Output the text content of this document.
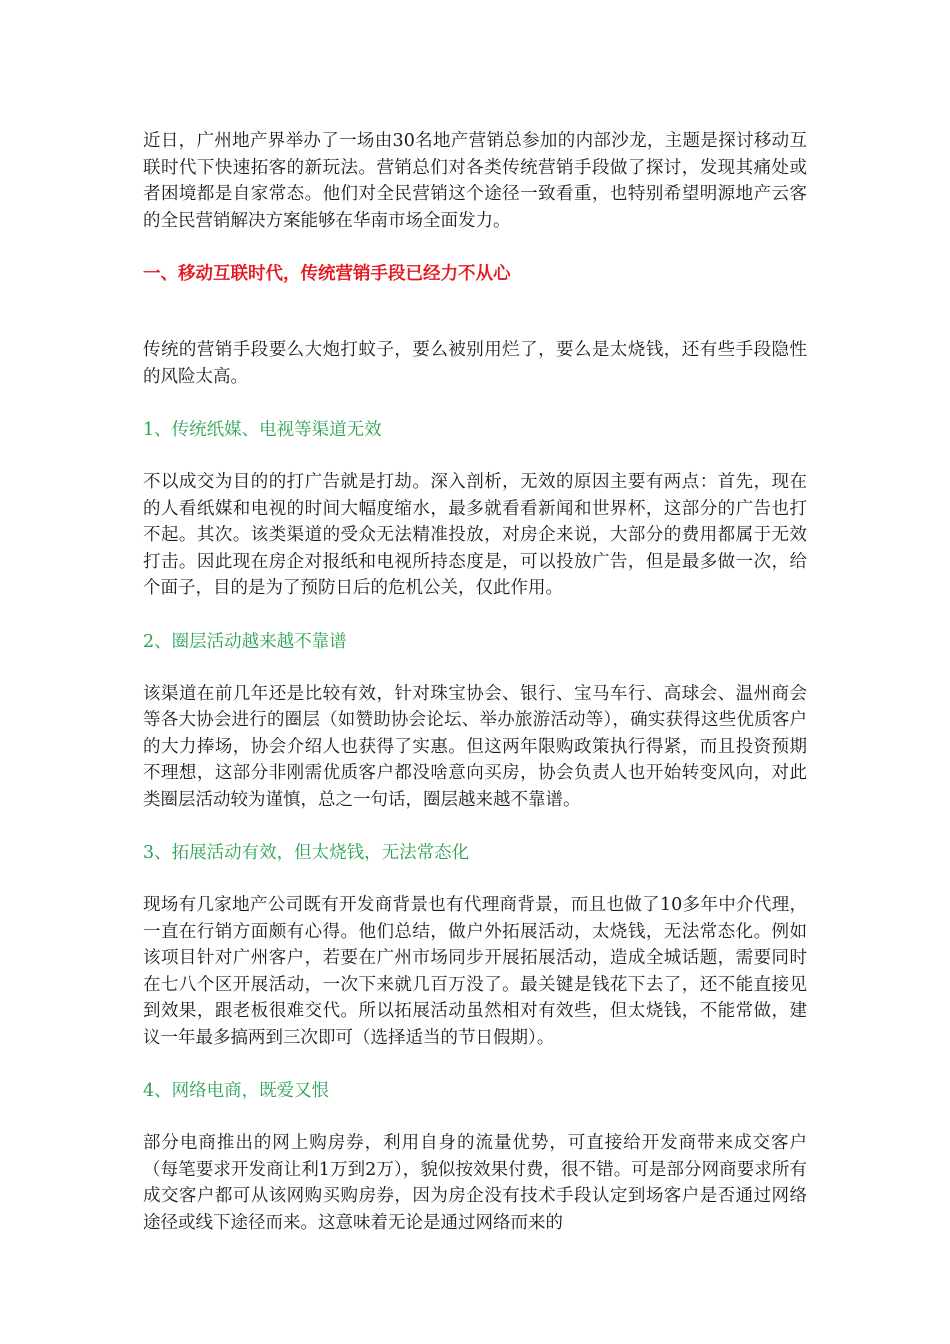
近日，广州地产界举办了一场由30名地产营销总参加的内部沙龙，主题是探讨移动互联时代下快速拓客的新玩法。营销总们对各类传统营销手段做了探讨，发现其痛处或者困境都是自家常态。他们对全民营销这个途径一致看重，也特别希望明源地产云客的全民营销解决方案能够在华南市场全面发力。

一、移动互联时代，传统营销手段已经力不从心

传统的营销手段要么大炮打蚊子，要么被别用烂了，要么是太烧钱，还有些手段隐性的风险太高。

1、传统纸媒、电视等渠道无效

不以成交为目的的打广告就是打劫。深入剖析，无效的原因主要有两点：首先，现在的人看纸媒和电视的时间大幅度缩水，最多就看看新闻和世界杯，这部分的广告也打不起。其次。该类渠道的受众无法精准投放，对房企来说，大部分的费用都属于无效打击。因此现在房企对报纸和电视所持态度是，可以投放广告，但是最多做一次，给个面子，目的是为了预防日后的危机公关，仅此作用。

2、圈层活动越来越不靠谱

该渠道在前几年还是比较有效，针对珠宝协会、银行、宝马车行、高球会、温州商会等各大协会进行的圈层（如赞助协会论坛、举办旅游活动等），确实获得这些优质客户的大力捧场，协会介绍人也获得了实惠。但这两年限购政策执行得紧，而且投资预期不理想，这部分非刚需优质客户都没啥意向买房，协会负责人也开始转变风向，对此类圈层活动较为谨慎，总之一句话，圈层越来越不靠谱。

3、拓展活动有效，但太烧钱，无法常态化

现场有几家地产公司既有开发商背景也有代理商背景，而且也做了10多年中介代理，一直在行销方面颇有心得。他们总结，做户外拓展活动，太烧钱，无法常态化。例如该项目针对广州客户，若要在广州市场同步开展拓展活动，造成全城话题，需要同时在七八个区开展活动，一次下来就几百万没了。最关键是钱花下去了，还不能直接见到效果，跟老板很难交代。所以拓展活动虽然相对有效些，但太烧钱，不能常做，建议一年最多搞两到三次即可（选择适当的节日假期）。

4、网络电商，既爱又恨

部分电商推出的网上购房券，利用自身的流量优势，可直接给开发商带来成交客户（每笔要求开发商让利1万到2万），貌似按效果付费，很不错。可是部分网商要求所有成交客户都可从该网购买购房券，因为房企没有技术手段认定到场客户是否通过网络途径或线下途径而来。这意味着无论是通过网络而来的
